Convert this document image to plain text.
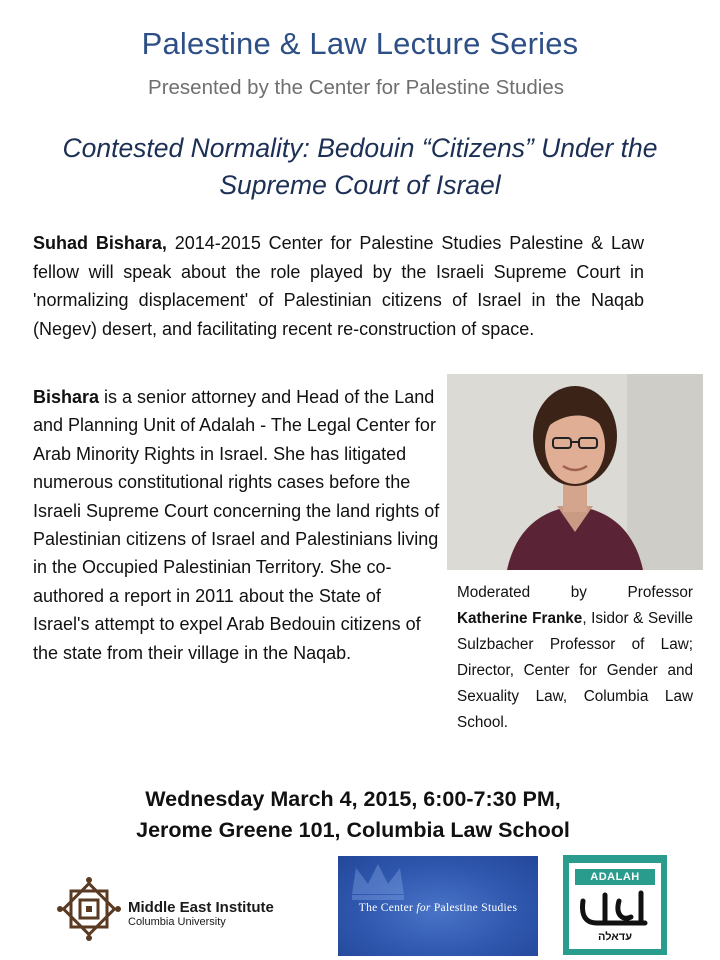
Palestine & Law Lecture Series
Presented by the Center for Palestine Studies
Contested Normality: Bedouin “Citizens” Under the Supreme Court of Israel
Suhad Bishara, 2014-2015 Center for Palestine Studies Palestine & Law fellow will speak about the role played by the Israeli Supreme Court in 'normalizing displacement' of Palestinian citizens of Israel in the Naqab (Negev) desert, and facilitating recent re-construction of space.
Bishara is a senior attorney and Head of the Land and Planning Unit of Adalah - The Legal Center for Arab Minority Rights in Israel. She has litigated numerous constitutional rights cases before the Israeli Supreme Court concerning the land rights of Palestinian citizens of Israel and Palestinians living in the Occupied Palestinian Territory. She co-authored a report in 2011 about the State of Israel's attempt to expel Arab Bedouin citizens of the state from their village in the Naqab.
Moderated by Professor Katherine Franke, Isidor & Seville Sulzbacher Professor of Law; Director, Center for Gender and Sexuality Law, Columbia Law School.
Wednesday March 4, 2015, 6:00-7:30 PM,
Jerome Greene 101, Columbia Law School
Middle East Institute
Columbia University
The Center for Palestine Studies
ADALAH
עדאלה
